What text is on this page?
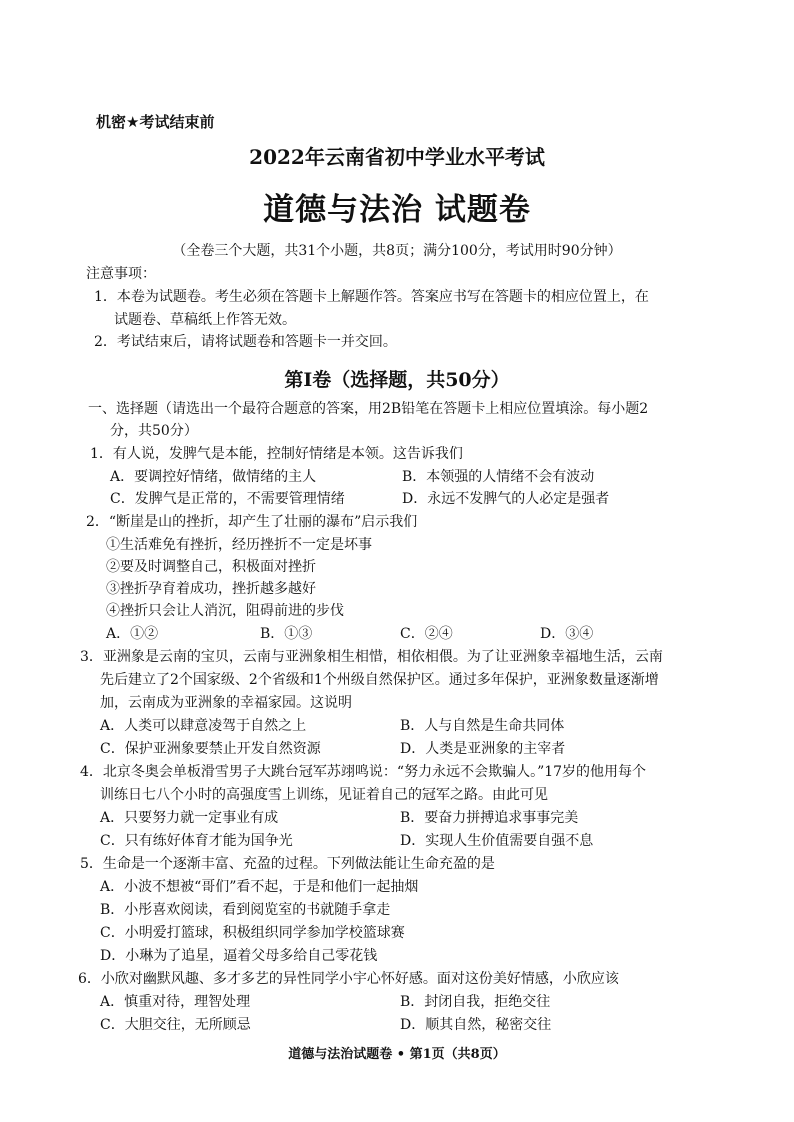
机密★考试结束前
2022年云南省初中学业水平考试
道德与法治 试题卷
（全卷三个大题，共31个小题，共8页；满分100分，考试用时90分钟）
注意事项：
1．本卷为试题卷。考生必须在答题卡上解题作答。答案应书写在答题卡的相应位置上，在
试题卷、草稿纸上作答无效。
2．考试结束后，请将试题卷和答题卡一并交回。
第Ⅰ卷（选择题，共50分）
一、选择题（请选出一个最符合题意的答案，用2B铅笔在答题卡上相应位置填涂。每小题2
分，共50分）
1．有人说，发脾气是本能，控制好情绪是本领。这告诉我们
A．要调控好情绪，做情绪的主人	B．本领强的人情绪不会有波动
C．发脾气是正常的，不需要管理情绪	D．永远不发脾气的人必定是强者
2．“断崖是山的挫折，却产生了壮丽的瀑布”启示我们
①生活难免有挫折，经历挫折不一定是坏事
②要及时调整自己，积极面对挫折
③挫折孕育着成功，挫折越多越好
④挫折只会让人消沉，阻碍前进的步伐
A．①②	B．①③	C．②④	D．③④
3．亚洲象是云南的宝贝，云南与亚洲象相生相惜，相依相偎。为了让亚洲象幸福地生活，云南
先后建立了2个国家级、2个省级和1个州级自然保护区。通过多年保护，亚洲象数量逐渐增
加，云南成为亚洲象的幸福家园。这说明
A．人类可以肆意凌驾于自然之上	B．人与自然是生命共同体
C．保护亚洲象要禁止开发自然资源	D．人类是亚洲象的主宰者
4．北京冬奥会单板滑雪男子大跳台冠军苏翊鸣说：“努力永远不会欺骗人。”17岁的他用每个
训练日七八个小时的高强度雪上训练，见证着自己的冠军之路。由此可见
A．只要努力就一定事业有成	B．要奋力拼搏追求事事完美
C．只有练好体育才能为国争光	D．实现人生价值需要自强不息
5．生命是一个逐渐丰富、充盈的过程。下列做法能让生命充盈的是
A．小波不想被“哥们”看不起，于是和他们一起抽烟
B．小彤喜欢阅读，看到阅览室的书就随手拿走
C．小明爱打篮球，积极组织同学参加学校篮球赛
D．小琳为了追星，逼着父母多给自己零花钱
6．小欣对幽默风趣、多才多艺的异性同学小宇心怀好感。面对这份美好情感，小欣应该
A．慎重对待，理智处理	B．封闭自我，拒绝交往
C．大胆交往，无所顾忌	D．顺其自然，秘密交往
道德与法治试题卷 • 第1页（共8页）
